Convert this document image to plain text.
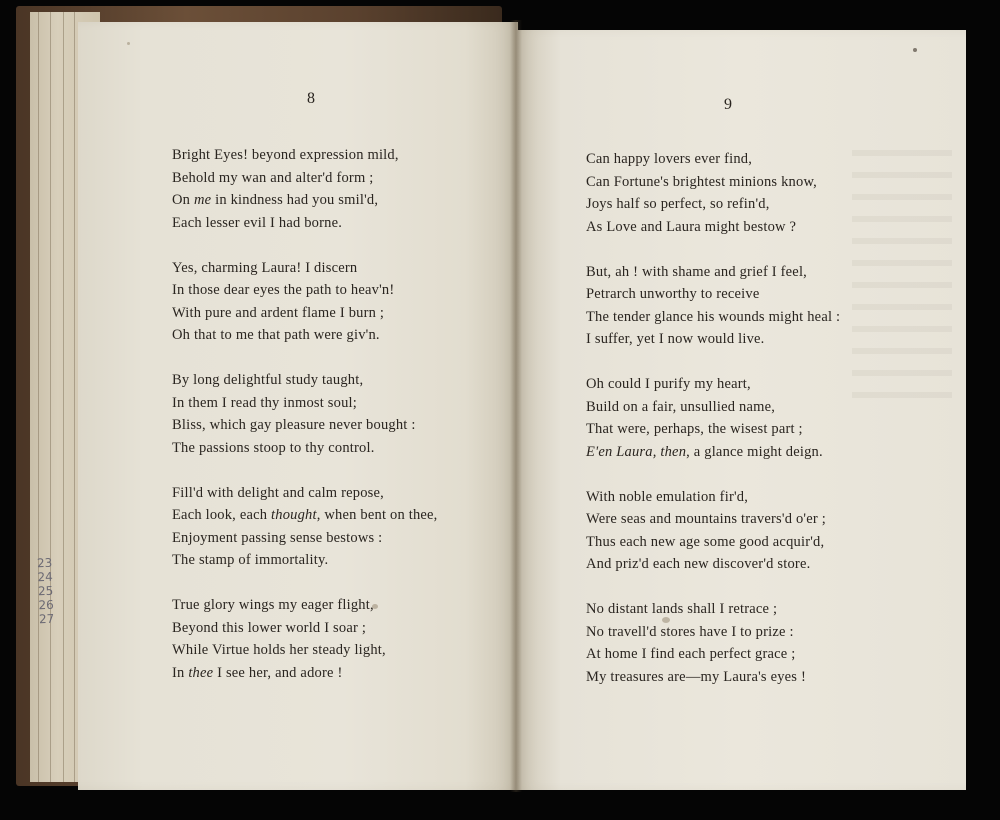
8	9
Bright Eyes! beyond expression mild,
Behold my wan and alter'd form ;
On me in kindness had you smil'd,
Each lesser evil I had borne.
Yes, charming Laura! I discern
In those dear eyes the path to heav'n!
With pure and ardent flame I burn ;
Oh that to me that path were giv'n.
By long delightful study taught,
In them I read thy inmost soul;
Bliss, which gay pleasure never bought :
The passions stoop to thy control.
Fill'd with delight and calm repose,
Each look, each thought, when bent on thee,
Enjoyment passing sense bestows :
The stamp of immortality.
True glory wings my eager flight,
Beyond this lower world I soar ;
While Virtue holds her steady light,
In thee I see her, and adore !
Can happy lovers ever find,
Can Fortune's brightest minions know,
Joys half so perfect, so refin'd,
As Love and Laura might bestow ?
But, ah ! with shame and grief I feel,
Petrarch unworthy to receive
The tender glance his wounds might heal :
I suffer, yet I now would live.
Oh could I purify my heart,
Build on a fair, unsullied name,
That were, perhaps, the wisest part ;
E'en Laura, then, a glance might deign.
With noble emulation fir'd,
Were seas and mountains travers'd o'er ;
Thus each new age some good acquir'd,
And priz'd each new discover'd store.
No distant lands shall I retrace ;
No travell'd stores have I to prize :
At home I find each perfect grace ;
My treasures are—my Laura's eyes !
23
24
25
26
27
